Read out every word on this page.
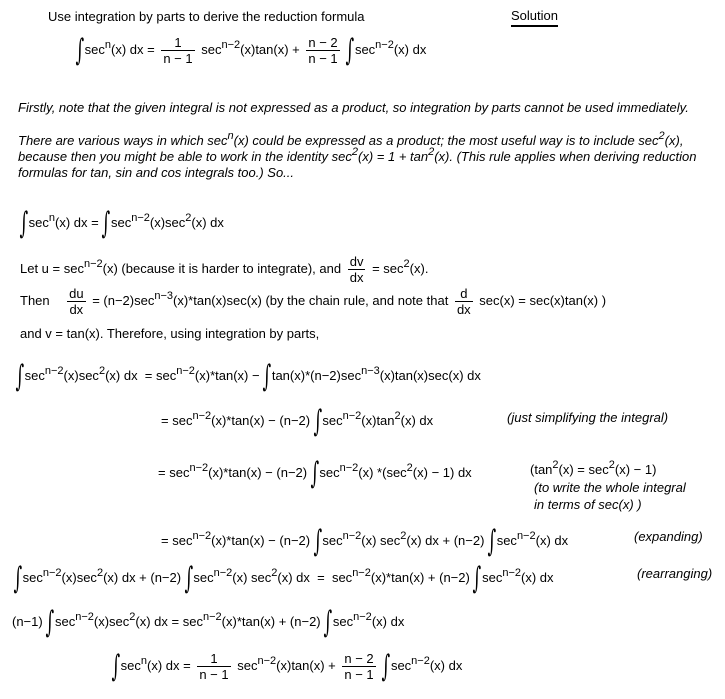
Use integration by parts to derive the reduction formula	Solution
$\int\sec^n(x)$ dx = $\frac{1}{n - 1} \sec^{n-2}(x)\tan(x) + \frac{n - 2}{n - 1} \int\sec^{n-2}(x)$ dx
Firstly, note that the given integral is not expressed as a product, so integration by parts cannot be used immediately.
There are various ways in which $\sec^n(x)$ could be expressed as a product; the most useful way is to include $\sec^2(x)$, because then you might be able to work in the identity $\sec^2(x) = 1 + \tan^2(x)$. (This rule applies when deriving reduction formulas for tan, sin and cos integrals too.) So...
$\int\sec^n(x)$ dx = $\int\sec^{n-2}(x)\sec^2(x)$ dx
Let $u = \sec^{n-2}(x)$ (because it is harder to integrate), and $\frac{dv}{dx} = \sec^2(x)$.
Then $\frac{du}{dx} = (n-2)\sec^{n-3}(x)*\tan(x)\sec(x)$ (by the chain rule, and note that $\frac{d}{dx} \sec(x) = \sec(x)\tan(x)$ )
and v = tan(x). Therefore, using integration by parts,
$\int\sec^{n-2}(x)\sec^2(x)$ dx = $\sec^{n-2}(x)*\tan(x) - \int\tan(x)*(n-2)\sec^{n-3}(x)\tan(x)\sec(x)$ dx
= $\sec^{n-2}(x)*\tan(x) - (n-2)$ $\int\sec^{n-2}(x)\tan^2(x)$ dx	(just simplifying the integral)
= $\sec^{n-2}(x)*\tan(x) - (n-2)$ $\int\sec^{n-2}(x) *(\sec^2(x) - 1)$ dx	$(\tan^2(x) = \sec^2(x) - 1)$
(to write the whole integral
in terms of sec(x) )
= $\sec^{n-2}(x)*\tan(x) - (n-2)$ $\int\sec^{n-2}(x)$ $\sec^2(x)$ dx + (n−2) $\int\sec^{n-2}(x)$ dx	(expanding)
$\int\sec^{n-2}(x)\sec^2(x)$ dx + (n−2) $\int\sec^{n-2}(x)$ $\sec^2(x)$ dx  =  $\sec^{n-2}(x)*\tan(x) + (n-2)$ $\int\sec^{n-2}(x)$ dx	(rearranging)
(n−1) $\int\sec^{n-2}(x)\sec^2(x)$ dx = $\sec^{n-2}(x)*\tan(x) + (n-2)$ $\int\sec^{n-2}(x)$ dx
$\int\sec^n(x)$ dx = $\frac{1}{n - 1} \sec^{n-2}(x)\tan(x) + \frac{n - 2}{n - 1} \int\sec^{n-2}(x)$ dx
